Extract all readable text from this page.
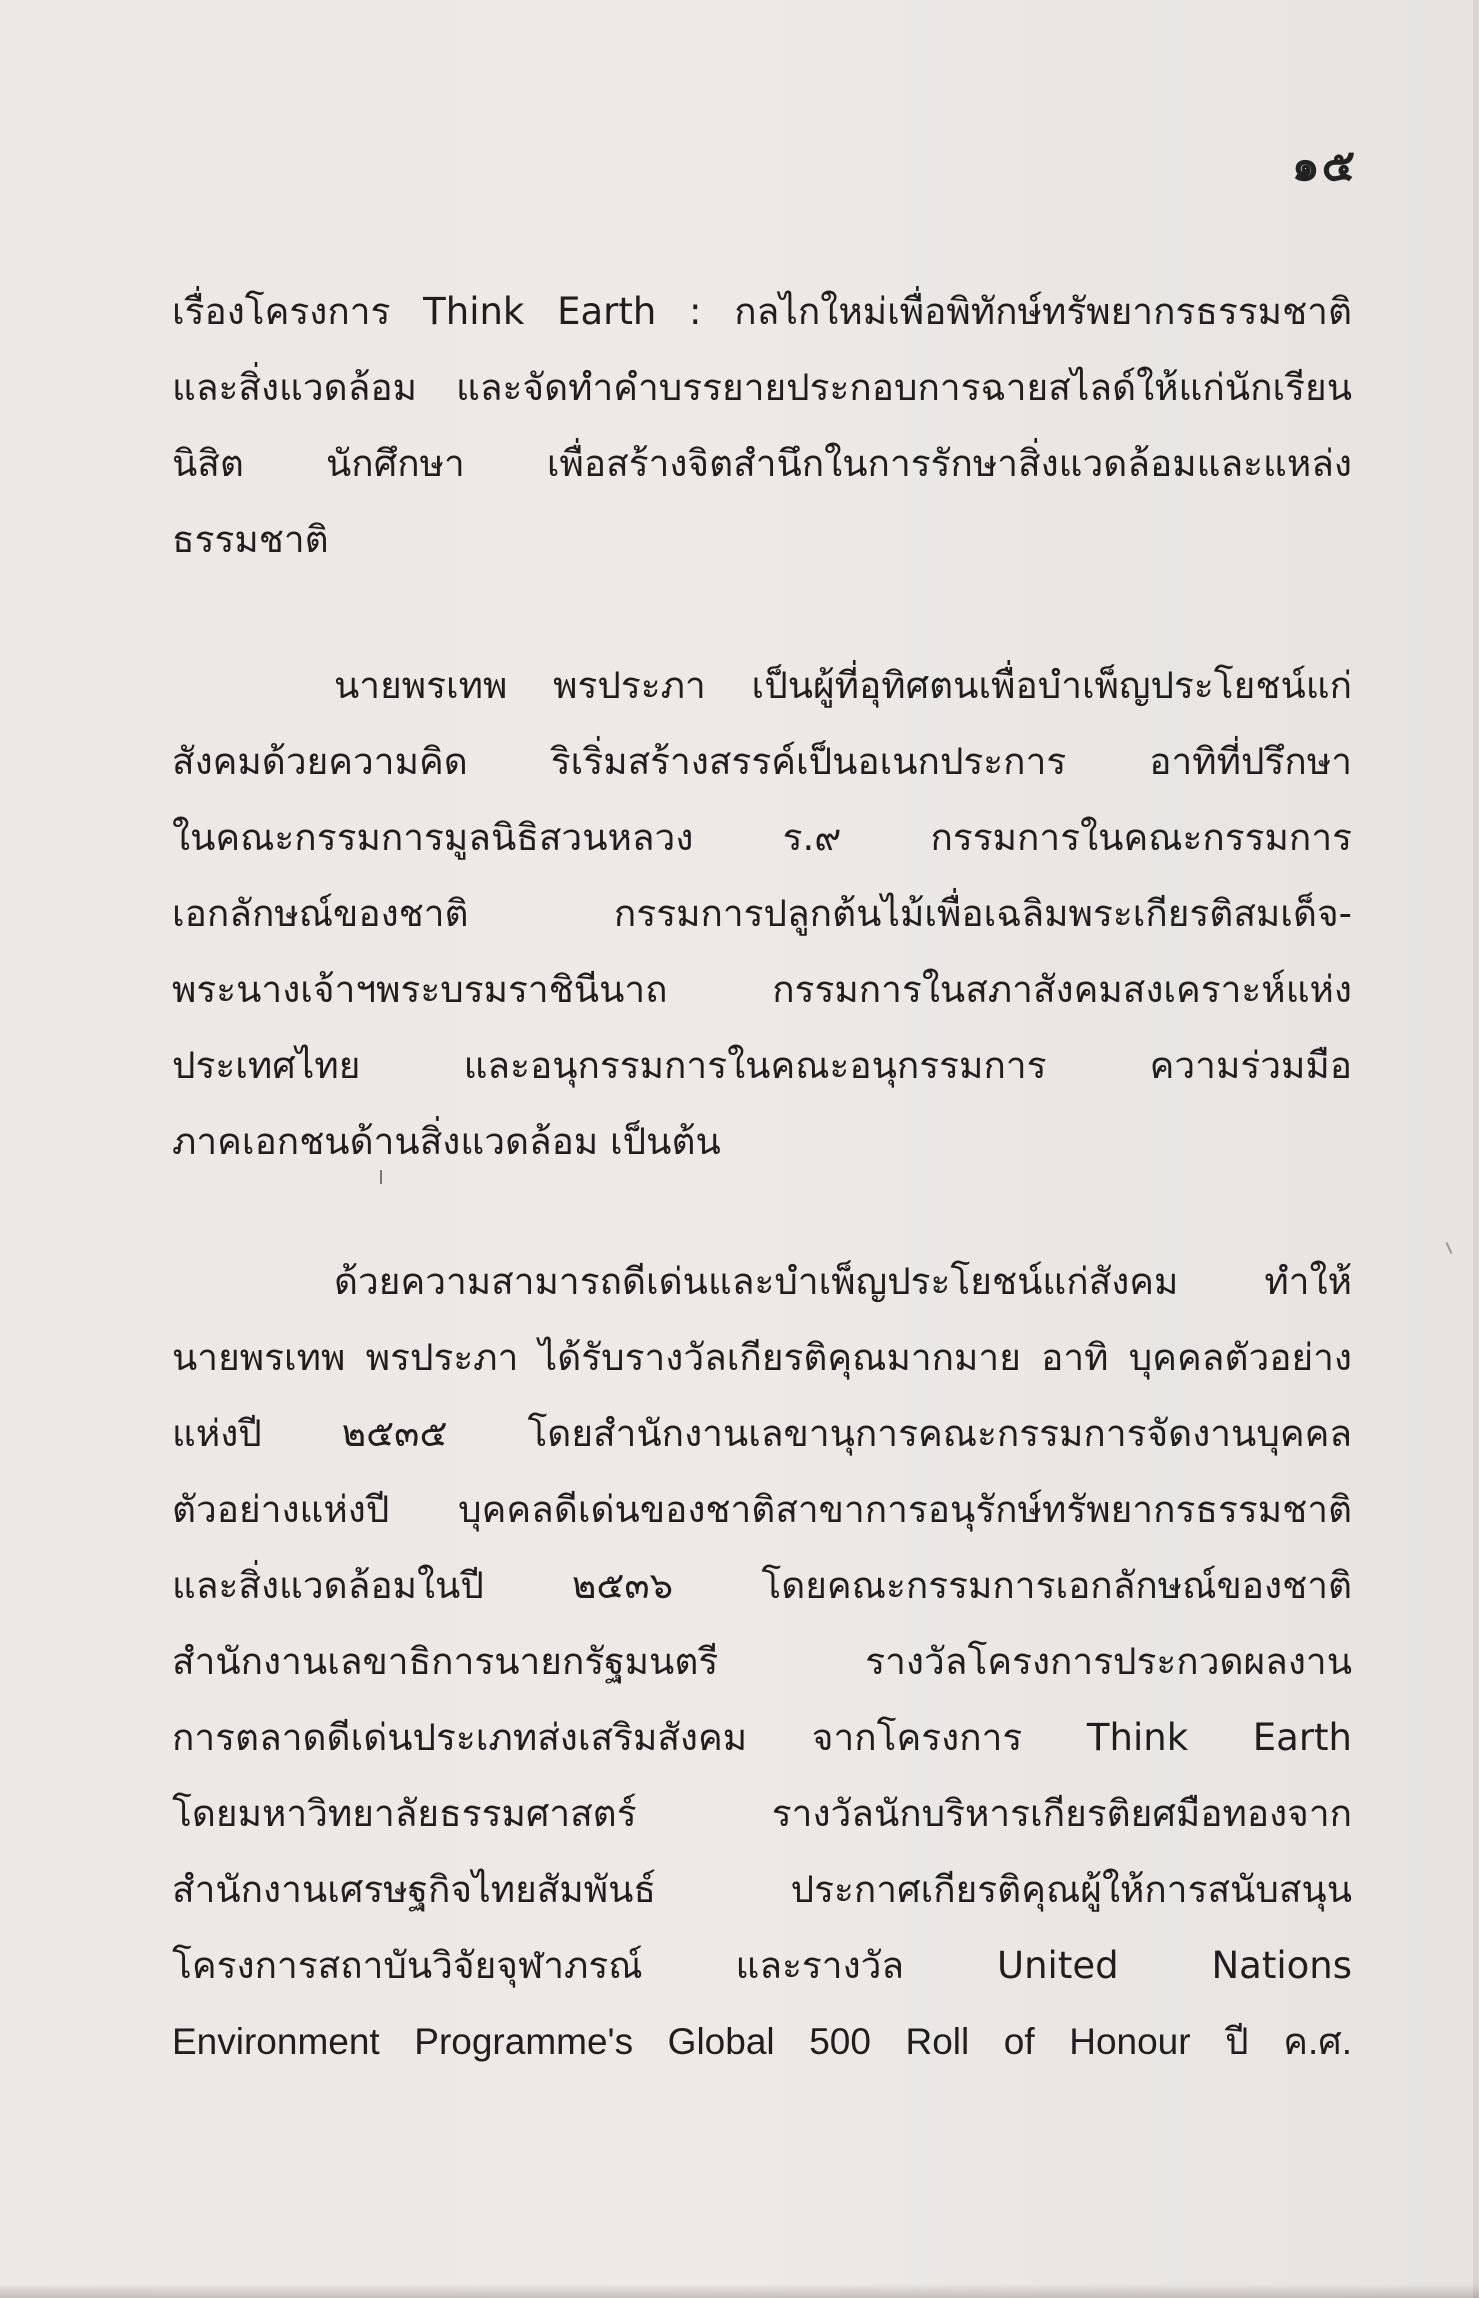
๑๕
เรื่องโครงการ Think Earth : กลไกใหม่เพื่อพิทักษ์ทรัพยากรธรรมชาติ
และสิ่งแวดล้อม และจัดทำคำบรรยายประกอบการฉายสไลด์ให้แก่นักเรียน
นิสิต นักศึกษา เพื่อสร้างจิตสำนึกในการรักษาสิ่งแวดล้อมและแหล่ง
ธรรมชาติ
นายพรเทพ พรประภา เป็นผู้ที่อุทิศตนเพื่อบำเพ็ญประโยชน์แก่
สังคมด้วยความคิด ริเริ่มสร้างสรรค์เป็นอเนกประการ อาทิที่ปรึกษา
ในคณะกรรมการมูลนิธิสวนหลวง ร.๙ กรรมการในคณะกรรมการ
เอกลักษณ์ของชาติ กรรมการปลูกต้นไม้เพื่อเฉลิมพระเกียรติสมเด็จ-
พระนางเจ้าฯพระบรมราชินีนาถ กรรมการในสภาสังคมสงเคราะห์แห่ง
ประเทศไทย และอนุกรรมการในคณะอนุกรรมการ ความร่วมมือ
ภาคเอกชนด้านสิ่งแวดล้อม เป็นต้น
ด้วยความสามารถดีเด่นและบำเพ็ญประโยชน์แก่สังคม ทำให้
นายพรเทพ พรประภา ได้รับรางวัลเกียรติคุณมากมาย อาทิ บุคคลตัวอย่าง
แห่งปี ๒๕๓๕ โดยสำนักงานเลขานุการคณะกรรมการจัดงานบุคคล
ตัวอย่างแห่งปี บุคคลดีเด่นของชาติสาขาการอนุรักษ์ทรัพยากรธรรมชาติ
และสิ่งแวดล้อมในปี ๒๕๓๖ โดยคณะกรรมการเอกลักษณ์ของชาติ
สำนักงานเลขาธิการนายกรัฐมนตรี รางวัลโครงการประกวดผลงาน
การตลาดดีเด่นประเภทส่งเสริมสังคม จากโครงการ Think Earth
โดยมหาวิทยาลัยธรรมศาสตร์ รางวัลนักบริหารเกียรติยศมือทองจาก
สำนักงานเศรษฐกิจไทยสัมพันธ์ ประกาศเกียรติคุณผู้ให้การสนับสนุน
โครงการสถาบันวิจัยจุฬาภรณ์ และรางวัล United Nations
Environment Programme's Global 500 Roll of Honour ปี ค.ศ.
